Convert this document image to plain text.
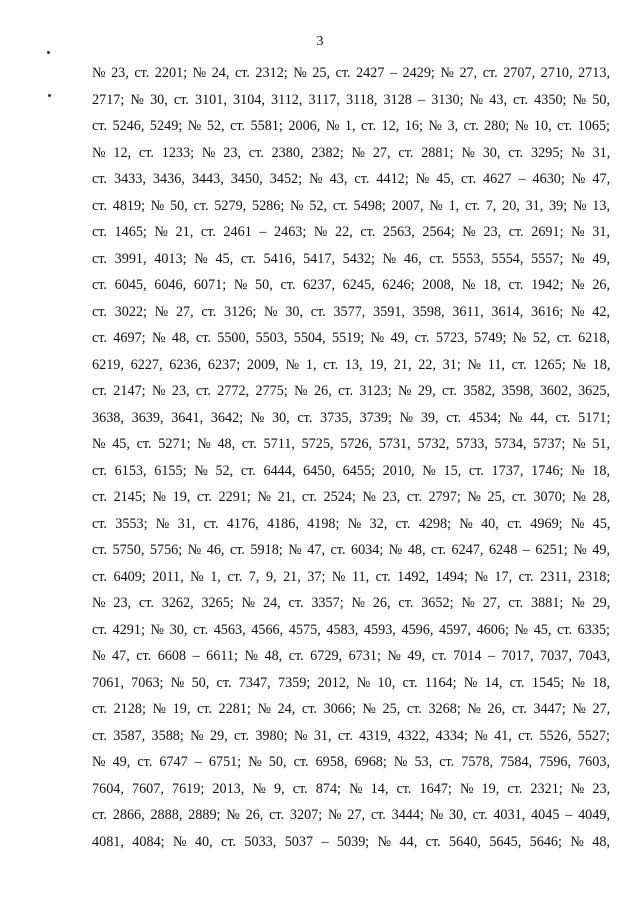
3
№ 23, ст. 2201; № 24, ст. 2312; № 25, ст. 2427 – 2429; № 27, ст. 2707, 2710, 2713,
2717; № 30, ст. 3101, 3104, 3112, 3117, 3118, 3128 – 3130; № 43, ст. 4350; № 50,
ст. 5246, 5249; № 52, ст. 5581; 2006, № 1, ст. 12, 16; № 3, ст. 280; № 10, ст. 1065;
№ 12, ст. 1233; № 23, ст. 2380, 2382; № 27, ст. 2881; № 30, ст. 3295; № 31,
ст. 3433, 3436, 3443, 3450, 3452; № 43, ст. 4412; № 45, ст. 4627 – 4630; № 47,
ст. 4819; № 50, ст. 5279, 5286; № 52, ст. 5498; 2007, № 1, ст. 7, 20, 31, 39; № 13,
ст. 1465; № 21, ст. 2461 – 2463; № 22, ст. 2563, 2564; № 23, ст. 2691; № 31,
ст. 3991, 4013; № 45, ст. 5416, 5417, 5432; № 46, ст. 5553, 5554, 5557; № 49,
ст. 6045, 6046, 6071; № 50, ст. 6237, 6245, 6246; 2008, № 18, ст. 1942; № 26,
ст. 3022; № 27, ст. 3126; № 30, ст. 3577, 3591, 3598, 3611, 3614, 3616; № 42,
ст. 4697; № 48, ст. 5500, 5503, 5504, 5519; № 49, ст. 5723, 5749; № 52, ст. 6218,
6219, 6227, 6236, 6237; 2009, № 1, ст. 13, 19, 21, 22, 31; № 11, ст. 1265; № 18,
ст. 2147; № 23, ст. 2772, 2775; № 26, ст. 3123; № 29, ст. 3582, 3598, 3602, 3625,
3638, 3639, 3641, 3642; № 30, ст. 3735, 3739; № 39, ст. 4534; № 44, ст. 5171;
№ 45, ст. 5271; № 48, ст. 5711, 5725, 5726, 5731, 5732, 5733, 5734, 5737; № 51,
ст. 6153, 6155; № 52, ст. 6444, 6450, 6455; 2010, № 15, ст. 1737, 1746; № 18,
ст. 2145; № 19, ст. 2291; № 21, ст. 2524; № 23, ст. 2797; № 25, ст. 3070; № 28,
ст. 3553; № 31, ст. 4176, 4186, 4198; № 32, ст. 4298; № 40, ст. 4969; № 45,
ст. 5750, 5756; № 46, ст. 5918; № 47, ст. 6034; № 48, ст. 6247, 6248 – 6251; № 49,
ст. 6409; 2011, № 1, ст. 7, 9, 21, 37; № 11, ст. 1492, 1494; № 17, ст. 2311, 2318;
№ 23, ст. 3262, 3265; № 24, ст. 3357; № 26, ст. 3652; № 27, ст. 3881; № 29,
ст. 4291; № 30, ст. 4563, 4566, 4575, 4583, 4593, 4596, 4597, 4606; № 45, ст. 6335;
№ 47, ст. 6608 – 6611; № 48, ст. 6729, 6731; № 49, ст. 7014 – 7017, 7037, 7043,
7061, 7063; № 50, ст. 7347, 7359; 2012, № 10, ст. 1164; № 14, ст. 1545; № 18,
ст. 2128; № 19, ст. 2281; № 24, ст. 3066; № 25, ст. 3268; № 26, ст. 3447; № 27,
ст. 3587, 3588; № 29, ст. 3980; № 31, ст. 4319, 4322, 4334; № 41, ст. 5526, 5527;
№ 49, ст. 6747 – 6751; № 50, ст. 6958, 6968; № 53, ст. 7578, 7584, 7596, 7603,
7604, 7607, 7619; 2013, № 9, ст. 874; № 14, ст. 1647; № 19, ст. 2321; № 23,
ст. 2866, 2888, 2889; № 26, ст. 3207; № 27, ст. 3444; № 30, ст. 4031, 4045 – 4049,
4081, 4084; № 40, ст. 5033, 5037 – 5039; № 44, ст. 5640, 5645, 5646; № 48,
